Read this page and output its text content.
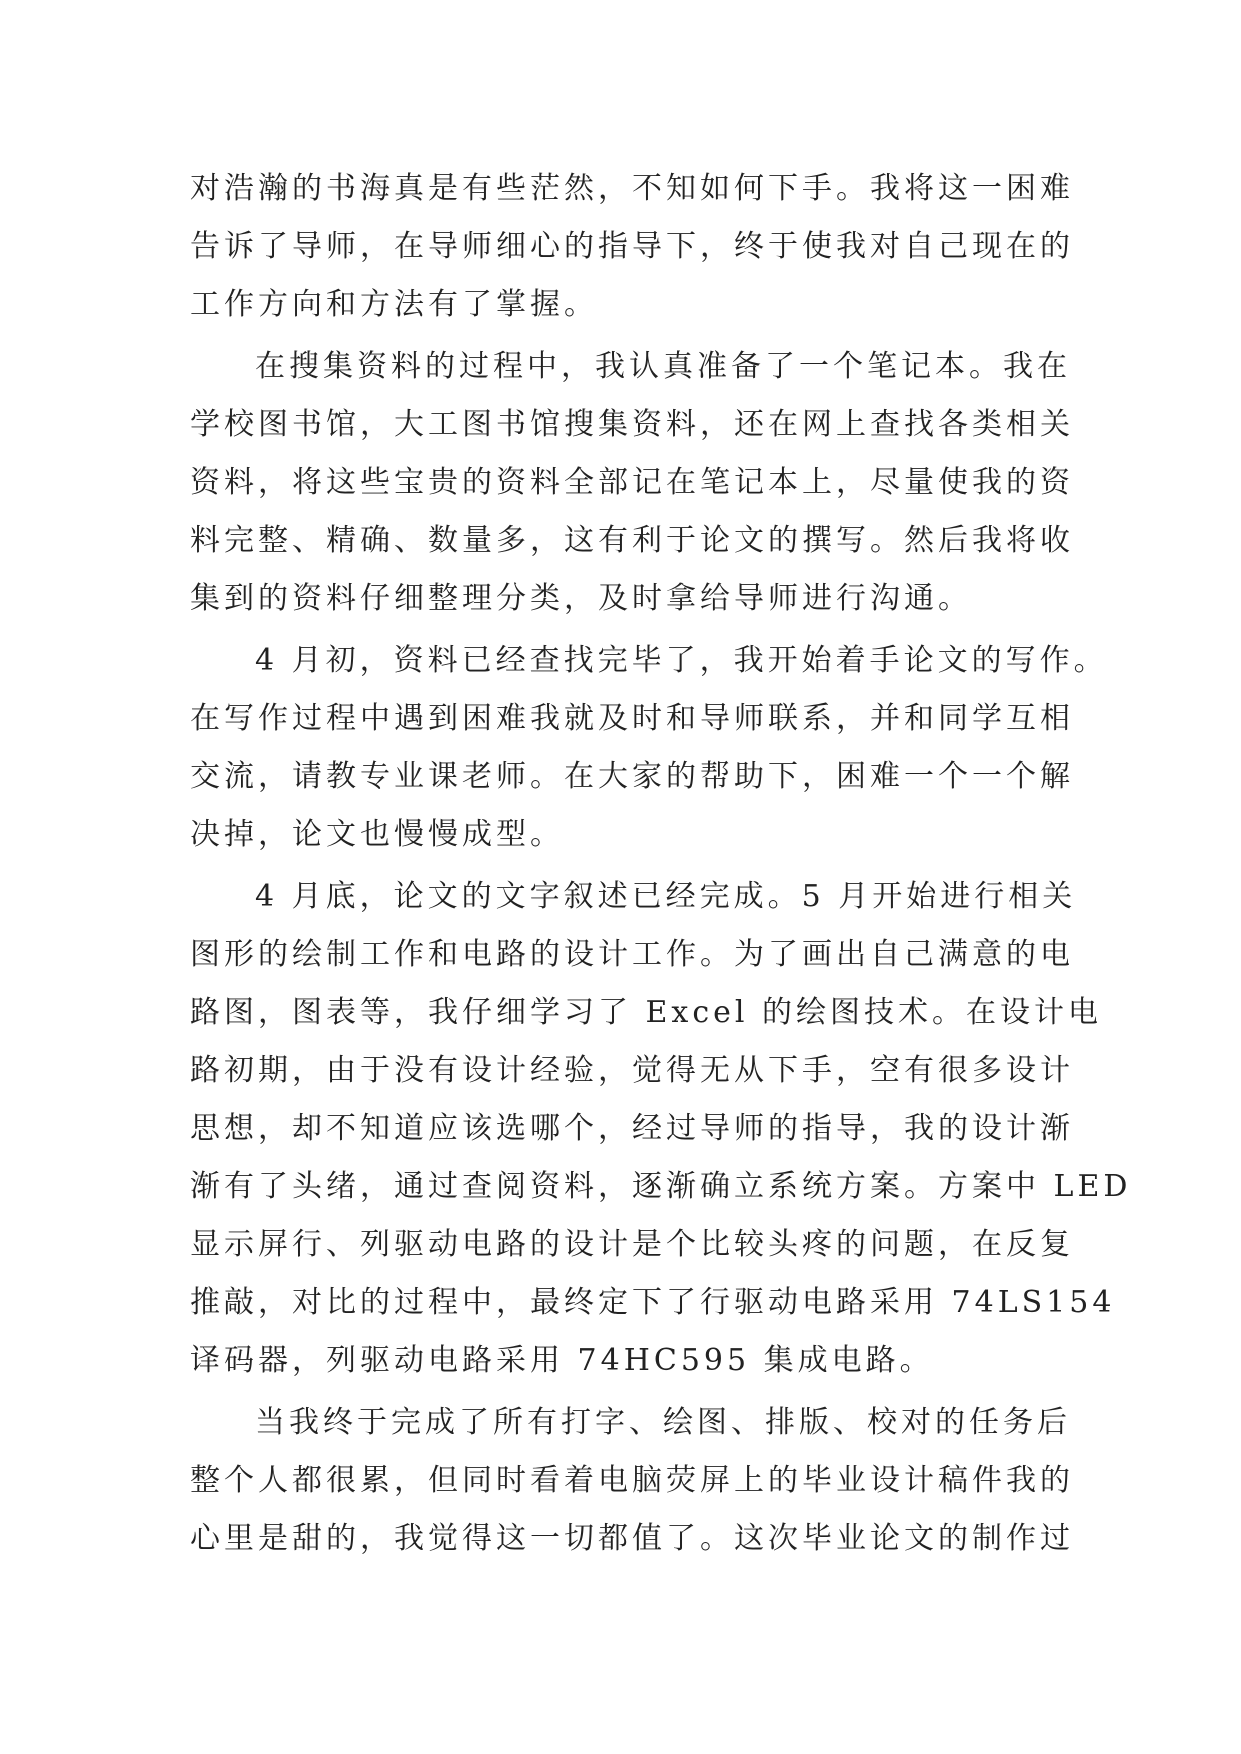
对浩瀚的书海真是有些茫然，不知如何下手。我将这一困难
告诉了导师，在导师细心的指导下，终于使我对自己现在的
工作方向和方法有了掌握。
在搜集资料的过程中，我认真准备了一个笔记本。我在
学校图书馆，大工图书馆搜集资料，还在网上查找各类相关
资料，将这些宝贵的资料全部记在笔记本上，尽量使我的资
料完整、精确、数量多，这有利于论文的撰写。然后我将收
集到的资料仔细整理分类，及时拿给导师进行沟通。
4 月初，资料已经查找完毕了，我开始着手论文的写作。
在写作过程中遇到困难我就及时和导师联系，并和同学互相
交流，请教专业课老师。在大家的帮助下，困难一个一个解
决掉，论文也慢慢成型。
4 月底，论文的文字叙述已经完成。5 月开始进行相关
图形的绘制工作和电路的设计工作。为了画出自己满意的电
路图，图表等，我仔细学习了 Excel 的绘图技术。在设计电
路初期，由于没有设计经验，觉得无从下手，空有很多设计
思想，却不知道应该选哪个，经过导师的指导，我的设计渐
渐有了头绪，通过查阅资料，逐渐确立系统方案。方案中 LED
显示屏行、列驱动电路的设计是个比较头疼的问题，在反复
推敲，对比的过程中，最终定下了行驱动电路采用 74LS154
译码器，列驱动电路采用 74HC595 集成电路。
当我终于完成了所有打字、绘图、排版、校对的任务后
整个人都很累，但同时看着电脑荧屏上的毕业设计稿件我的
心里是甜的，我觉得这一切都值了。这次毕业论文的制作过
